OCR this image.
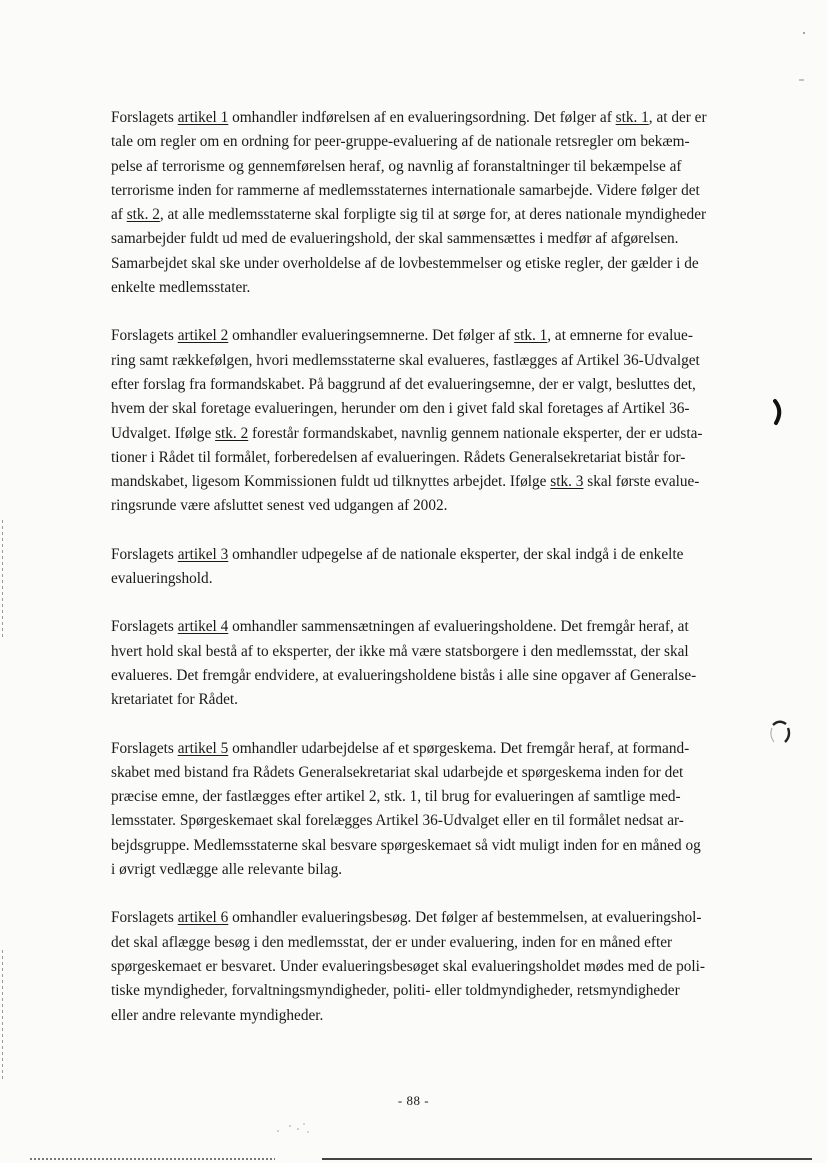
Forslagets artikel 1 omhandler indførelsen af en evalueringsordning. Det følger af stk. 1, at der er
tale om regler om en ordning for peer-gruppe-evaluering af de nationale retsregler om bekæm-
pelse af terrorisme og gennemførelsen heraf, og navnlig af foranstaltninger til bekæmpelse af
terrorisme inden for rammerne af medlemsstaternes internationale samarbejde. Videre følger det
af stk. 2, at alle medlemsstaterne skal forpligte sig til at sørge for, at deres nationale myndigheder
samarbejder fuldt ud med de evalueringshold, der skal sammensættes i medfør af afgørelsen.
Samarbejdet skal ske under overholdelse af de lovbestemmelser og etiske regler, der gælder i de
enkelte medlemsstater.

Forslagets artikel 2 omhandler evalueringsemnerne. Det følger af stk. 1, at emnerne for evalue-
ring samt rækkefølgen, hvori medlemsstaterne skal evalueres, fastlægges af Artikel 36-Udvalget
efter forslag fra formandskabet. På baggrund af det evalueringsemne, der er valgt, besluttes det,
hvem der skal foretage evalueringen, herunder om den i givet fald skal foretages af Artikel 36-
Udvalget. Ifølge stk. 2 forestår formandskabet, navnlig gennem nationale eksperter, der er udsta-
tioner i Rådet til formålet, forberedelsen af evalueringen. Rådets Generalsekretariat bistår for-
mandskabet, ligesom Kommissionen fuldt ud tilknyttes arbejdet. Ifølge stk. 3 skal første evalue-
ringsrunde være afsluttet senest ved udgangen af 2002.

Forslagets artikel 3 omhandler udpegelse af de nationale eksperter, der skal indgå i de enkelte
evalueringshold.

Forslagets artikel 4 omhandler sammensætningen af evalueringsholdene. Det fremgår heraf, at
hvert hold skal bestå af to eksperter, der ikke må være statsborgere i den medlemsstat, der skal
evalueres. Det fremgår endvidere, at evalueringsholdene bistås i alle sine opgaver af Generalse-
kretariatet for Rådet.

Forslagets artikel 5 omhandler udarbejdelse af et spørgeskema. Det fremgår heraf, at formand-
skabet med bistand fra Rådets Generalsekretariat skal udarbejde et spørgeskema inden for det
præcise emne, der fastlægges efter artikel 2, stk. 1, til brug for evalueringen af samtlige med-
lemsstater. Spørgeskemaet skal forelægges Artikel 36-Udvalget eller en til formålet nedsat ar-
bejdsgruppe. Medlemsstaterne skal besvare spørgeskemaet så vidt muligt inden for en måned og
i øvrigt vedlægge alle relevante bilag.

Forslagets artikel 6 omhandler evalueringsbesøg. Det følger af bestemmelsen, at evalueringshol-
det skal aflægge besøg i den medlemsstat, der er under evaluering, inden for en måned efter
spørgeskemaet er besvaret. Under evalueringsbesøget skal evalueringsholdet mødes med de poli-
tiske myndigheder, forvaltningsmyndigheder, politi- eller toldmyndigheder, retsmyndigheder
eller andre relevante myndigheder.

- 88 -
